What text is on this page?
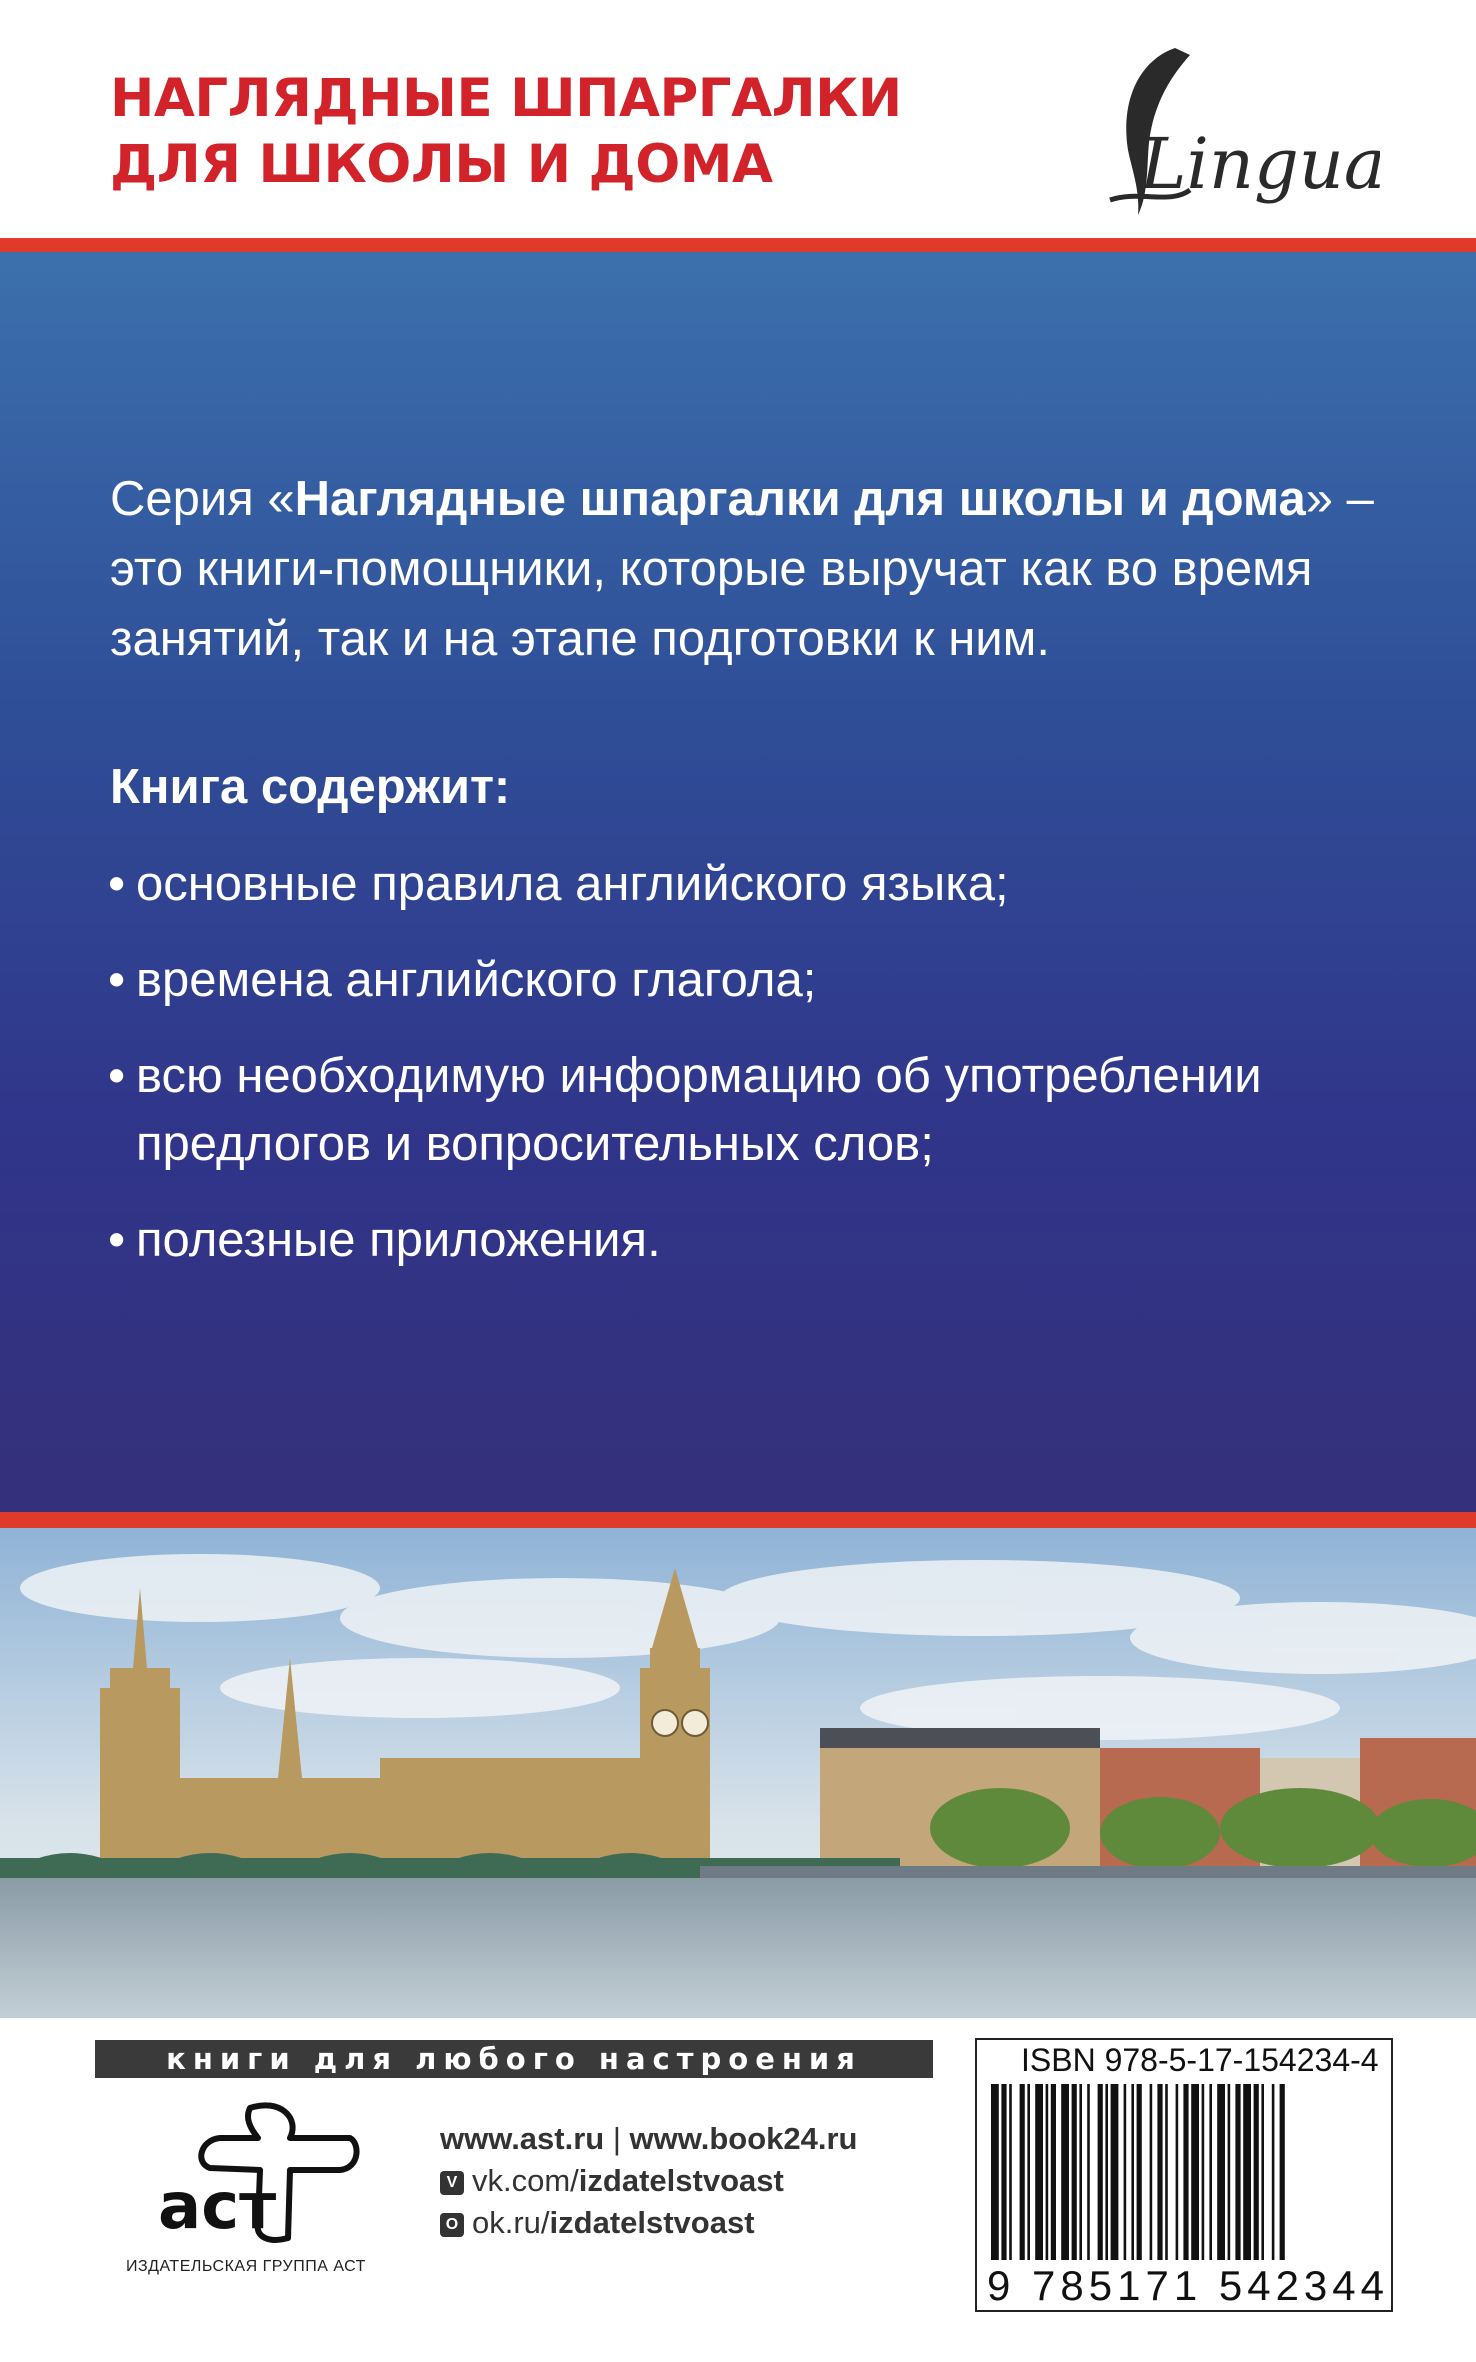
НАГЛЯДНЫЕ ШПАРГАЛКИ
ДЛЯ ШКОЛЫ И ДОМА	Lingua

Серия «Наглядные шпаргалки для школы и дома» – это книги-помощники, которые выручат как во время занятий, так и на этапе подготовки к ним.

Книга содержит:

• основные правила английского языка;
• времена английского глагола;
• всю необходимую информацию об употреблении предлогов и вопросительных слов;
• полезные приложения.
книги для любого настроения здесь
аст
ИЗДАТЕЛЬСКАЯ ГРУППА АСТ
www.ast.ru | www.book24.ru
V vk.com/izdatelstvoast
O ok.ru/izdatelstvoast
ISBN 978-5-17-154234-4
9 785171 542344
